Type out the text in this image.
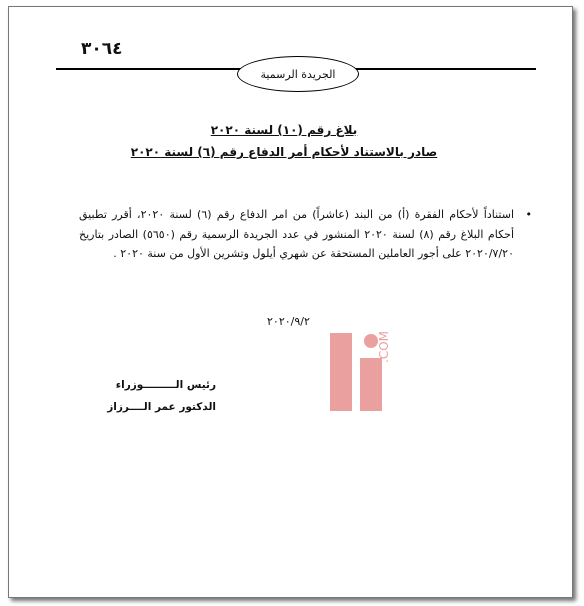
٣٠٦٤
الجريدة الرسمية
بلاغ رقم (١٠) لسنة ٢٠٢٠
صادر بالاستناد لأحكام أمر الدفاع رقم (٦) لسنة ٢٠٢٠
•
استناداً لأحكام الفقرة (أ) من البند (عاشراً) من امر الدفاع رقم (٦) لسنة ٢٠٢٠، أقرر تطبيق أحكام البلاغ رقم (٨) لسنة ٢٠٢٠ المنشور في عدد الجريدة الرسمية رقم (٥٦٥٠) الصادر بتاريخ ٢٠٢٠/٧/٢٠ على أجور العاملين المستحقة عن شهري أيلول وتشرين الأول من سنة ٢٠٢٠ .
٢٠٢٠/٩/٢
رئيس الـــــــــوزراء
الدكتور عمر الــــرزاز
.COM
